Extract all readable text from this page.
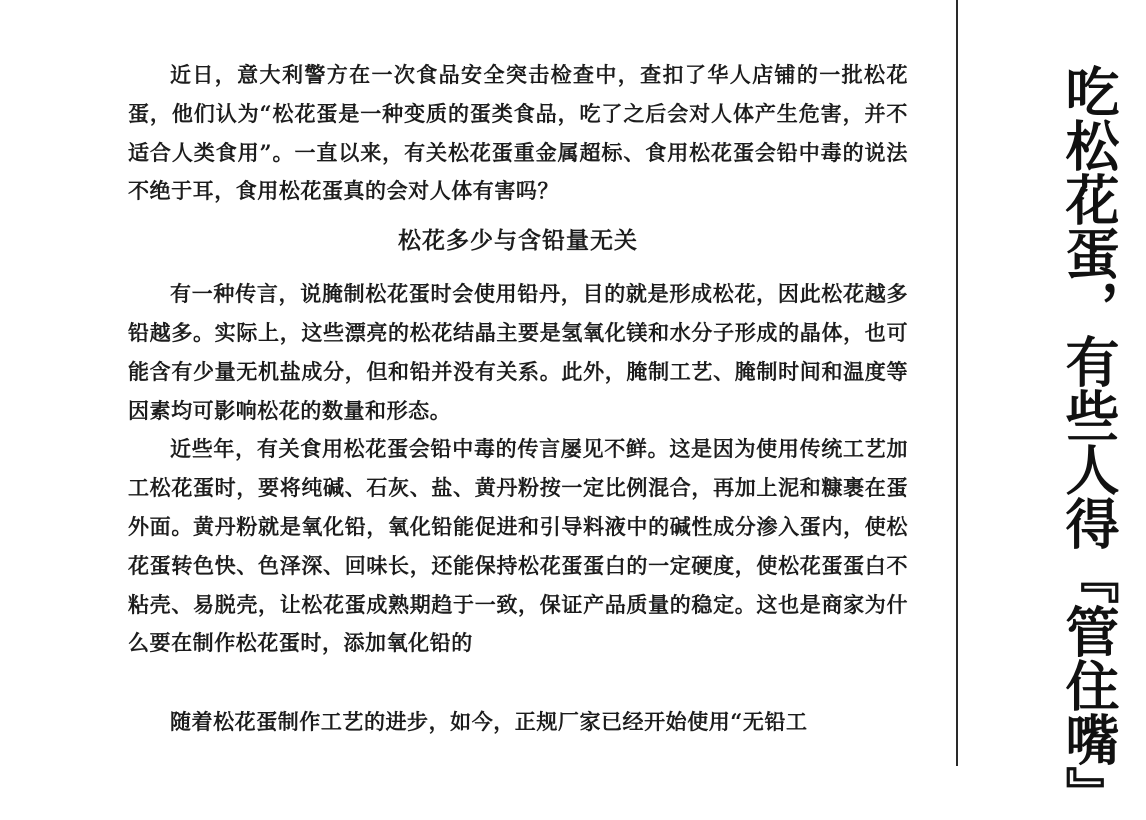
近日，意大利警方在一次食品安全突击检查中，查扣了华人店铺的一批松花蛋，他们认为“松花蛋是一种变质的蛋类食品，吃了之后会对人体产生危害，并不适合人类食用”。一直以来，有关松花蛋重金属超标、食用松花蛋会铅中毒的说法不绝于耳，食用松花蛋真的会对人体有害吗？

松花多少与含铅量无关

有一种传言，说腌制松花蛋时会使用铅丹，目的就是形成松花，因此松花越多铅越多。实际上，这些漂亮的松花结晶主要是氢氧化镁和水分子形成的晶体，也可能含有少量无机盐成分，但和铅并没有关系。此外，腌制工艺、腌制时间和温度等因素均可影响松花的数量和形态。

近些年，有关食用松花蛋会铅中毒的传言屡见不鲜。这是因为使用传统工艺加工松花蛋时，要将纯碱、石灰、盐、黄丹粉按一定比例混合，再加上泥和糠裹在蛋外面。黄丹粉就是氧化铅，氧化铅能促进和引导料液中的碱性成分渗入蛋内，使松花蛋转色快、色泽深、回味长，还能保持松花蛋蛋白的一定硬度，使松花蛋蛋白不粘壳、易脱壳，让松花蛋成熟期趋于一致，保证产品质量的稳定。这也是商家为什么要在制作松花蛋时，添加氧化铅的

随着松花蛋制作工艺的进步，如今，正规厂家已经开始使用“无铅工	吃松花蛋，有些人得『管住嘴』
